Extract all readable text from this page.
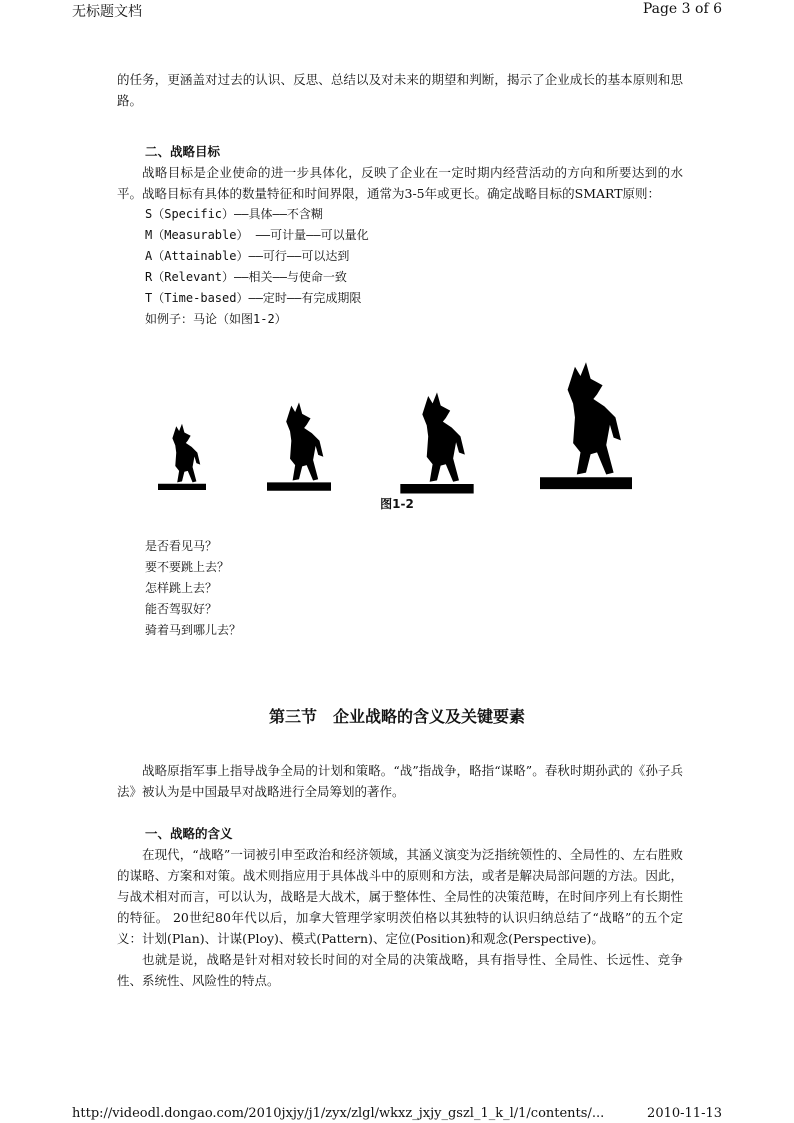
无标题文档	Page 3 of 6

的任务，更涵盖对过去的认识、反思、总结以及对未来的期望和判断，揭示了企业成长的基本原则和思路。

二、战略目标

战略目标是企业使命的进一步具体化，反映了企业在一定时期内经营活动的方向和所要达到的水平。战略目标有具体的数量特征和时间界限，通常为3-5年或更长。确定战略目标的SMART原则：

S（Specific）——具体——不含糊

M（Measurable） ——可计量——可以量化

A（Attainable）——可行——可以达到

R（Relevant）——相关——与使命一致

T（Time-based）——定时——有完成期限

如例子：马论（如图1-2）

图1-2

是否看见马？

要不要跳上去？

怎样跳上去？

能否驾驭好？

骑着马到哪儿去？

第三节　企业战略的含义及关键要素

战略原指军事上指导战争全局的计划和策略。“战”指战争，略指“谋略”。春秋时期孙武的《孙子兵法》被认为是中国最早对战略进行全局筹划的著作。

一、战略的含义

在现代，“战略”一词被引申至政治和经济领域，其涵义演变为泛指统领性的、全局性的、左右胜败的谋略、方案和对策。战术则指应用于具体战斗中的原则和方法，或者是解决局部问题的方法。因此，与战术相对而言，可以认为，战略是大战术，属于整体性、全局性的决策范畴，在时间序列上有长期性的特征。 20世纪80年代以后，加拿大管理学家明茨伯格以其独特的认识归纳总结了“战略”的五个定义：计划(Plan)、计谋(Ploy)、模式(Pattern)、定位(Position)和观念(Perspective)。

也就是说，战略是针对相对较长时间的对全局的决策战略，具有指导性、全局性、长远性、竞争性、系统性、风险性的特点。

http://videodl.dongao.com/2010jxjy/j1/zyx/zlgl/wkxz_jxjy_gszl_1_k_l/1/contents/...	2010-11-13
